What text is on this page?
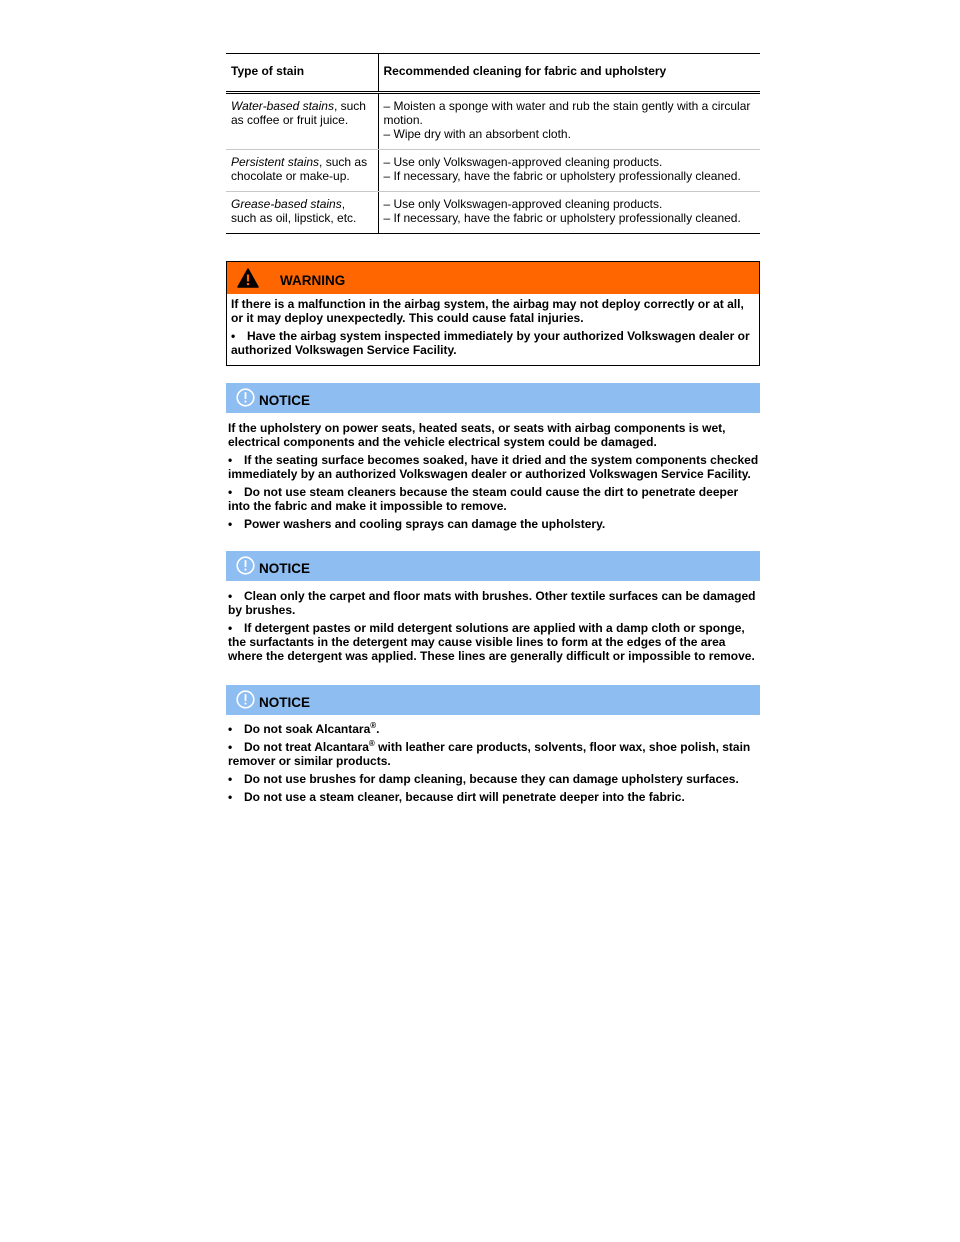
Type of stain	Recommended cleaning for fabric and upholstery
Water-based stains, such as coffee or fruit juice.	– Moisten a sponge with water and rub the stain gently with a circular motion.
– Wipe dry with an absorbent cloth.

Persistent stains, such as chocolate or make-up.	– Use only Volkswagen-approved cleaning products.
– If necessary, have the fabric or upholstery professionally cleaned.

Grease-based stains, such as oil, lipstick, etc.	– Use only Volkswagen-approved cleaning products.
– If necessary, have the fabric or upholstery professionally cleaned.
WARNING

If there is a malfunction in the airbag system, the airbag may not deploy correctly or at all, or it may deploy unexpectedly. This could cause fatal injuries.

• Have the airbag system inspected immediately by your authorized Volkswagen dealer or authorized Volkswagen Service Facility.

NOTICE

If the upholstery on power seats, heated seats, or seats with airbag components is wet, electrical components and the vehicle electrical system could be damaged.

• If the seating surface becomes soaked, have it dried and the system components checked immediately by an authorized Volkswagen dealer or authorized Volkswagen Service Facility.

• Do not use steam cleaners because the steam could cause the dirt to penetrate deeper into the fabric and make it impossible to remove.

• Power washers and cooling sprays can damage the upholstery.

NOTICE

• Clean only the carpet and floor mats with brushes. Other textile surfaces can be damaged by brushes.

• If detergent pastes or mild detergent solutions are applied with a damp cloth or sponge, the surfactants in the detergent may cause visible lines to form at the edges of the area where the detergent was applied. These lines are generally difficult or impossible to remove.

NOTICE

• Do not soak Alcantara®.

• Do not treat Alcantara® with leather care products, solvents, floor wax, shoe polish, stain remover or similar products.

• Do not use brushes for damp cleaning, because they can damage upholstery surfaces.

• Do not use a steam cleaner, because dirt will penetrate deeper into the fabric.
